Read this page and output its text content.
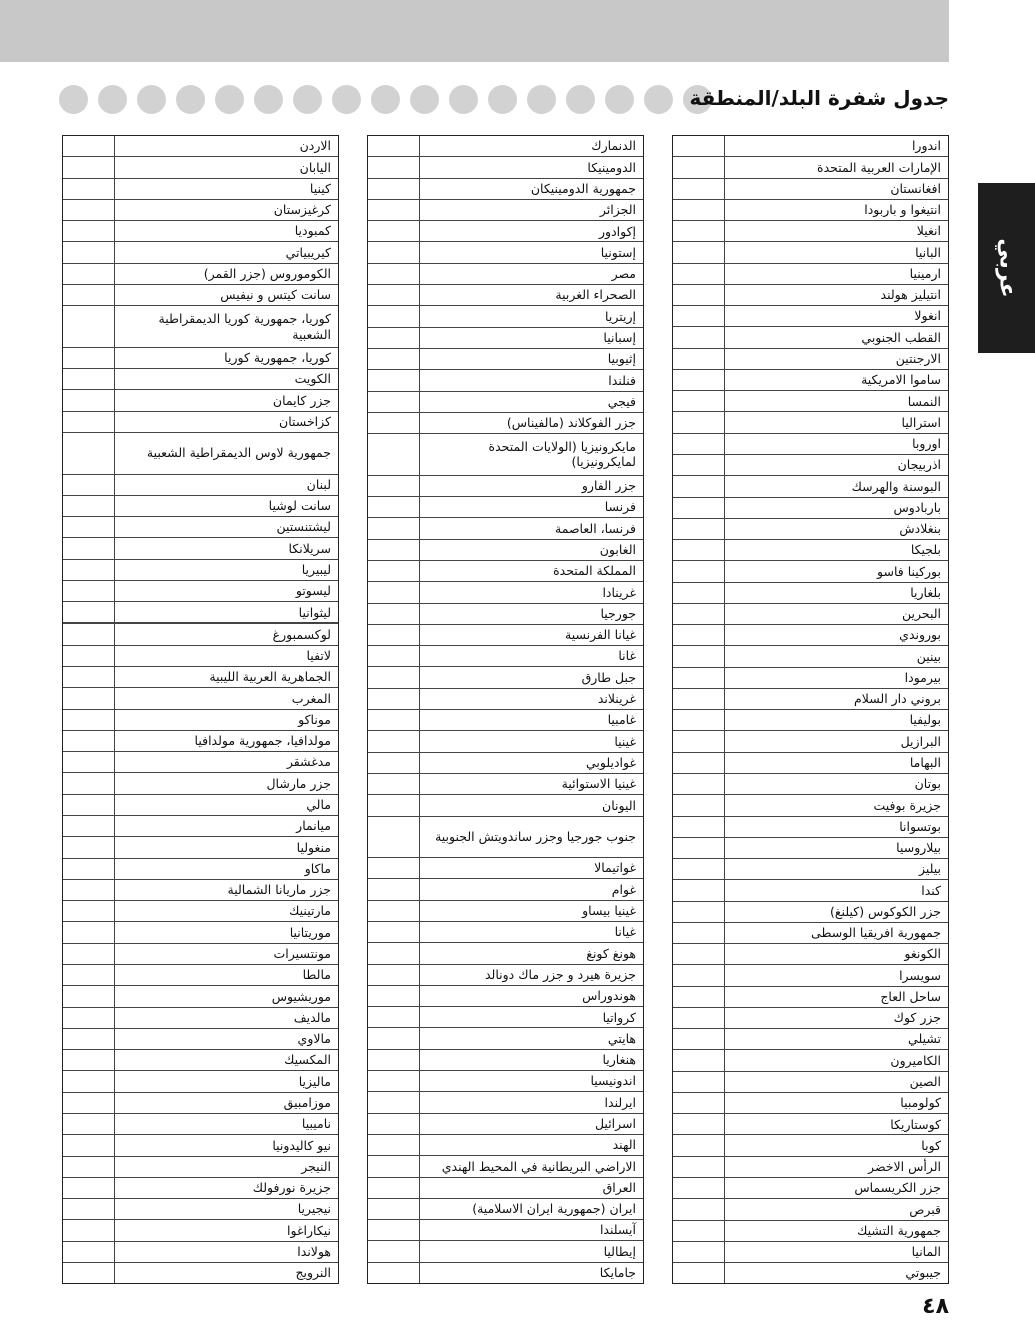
جدول شفرة البلد/المنطقة
عربي
اندورا
الإمارات العربية المتحدة
افغانستان
انتيغوا و باربودا
انغيلا
البانيا
ارمينيا
انتيليز هولند
انغولا
القطب الجنوبي
الارجنتين
ساموا الامريكية
النمسا
استراليا
اوروبا
اذربيجان
البوسنة والهرسك
باربادوس
بنغلادش
بلجيكا
بوركينا فاسو
بلغاريا
البحرين
بوروندي
بينين
بيرمودا
بروني دار السلام
بوليفيا
البرازيل
البهاما
بوتان
جزيرة بوفيت
بوتسوانا
بيلاروسيا
بيليز
كندا
جزر الكوكوس (كيلنغ)
جمهورية افريقيا الوسطى
الكونغو
سويسرا
ساحل العاج
جزر كوك
تشيلي
الكاميرون
الصين
كولومبيا
كوستاريكا
كوبا
الرأس الاخضر
جزر الكريسماس
قبرص
جمهورية التشيك
المانيا
جيبوتي
الدنمارك
الدومينيكا
جمهورية الدومينيكان
الجزائر
إكوادور
إستونيا
مصر
الصحراء الغربية
إريتريا
إسبانيا
إثيوبيا
فنلندا
فيجي
جزر الفوكلاند (مالفيناس)
مايكرونيزيا (الولايات المتحدة لمايكرونيزيا)
جزر الفارو
فرنسا
فرنسا، العاصمة
الغابون
المملكة المتحدة
غرينادا
جورجيا
غيانا الفرنسية
غانا
جبل طارق
غرينلاند
غامبيا
غينيا
غواديلوبي
غينيا الاستوائية
اليونان
جنوب جورجيا وجزر ساندويتش الجنوبية
غواتيمالا
غوام
غينيا بيساو
غيانا
هونغ كونغ
جزيرة هيرد و جزر ماك دونالد
هوندوراس
كرواتيا
هايتي
هنغاريا
اندونيسيا
ايرلندا
اسرائيل
الهند
الاراضي البريطانية في المحيط الهندي
العراق
ايران (جمهورية ايران الاسلامية)
آيسلندا
إيطاليا
جامايكا
الاردن
اليابان
كينيا
كرغيزستان
كمبوديا
كيريبياتي
الكوموروس (جزر القمر)
سانت كيتس و نيفيس
كوريا، جمهورية كوريا الديمقراطية الشعبية
كوريا، جمهورية كوريا
الكويت
جزر كايمان
كزاخستان
جمهورية لاوس الديمقراطية الشعبية
لبنان
سانت لوشيا
ليشتنستين
سريلانكا
ليبيريا
ليسوتو
ليثوانيا
لوكسمبورغ
لاتفيا
الجماهرية العربية الليبية
المغرب
موناكو
مولدافيا، جمهورية مولدافيا
مدغشقر
جزر مارشال
مالي
ميانمار
منغوليا
ماكاو
جزر ماريانا الشمالية
مارتينيك
موريتانيا
مونتسيرات
مالطا
موريشيوس
مالديف
مالاوي
المكسيك
ماليزيا
موزامبيق
ناميبيا
نيو كاليدونيا
النيجر
جزيرة نورفولك
نيجيريا
نيكاراغوا
هولاندا
النرويج
٤٨
